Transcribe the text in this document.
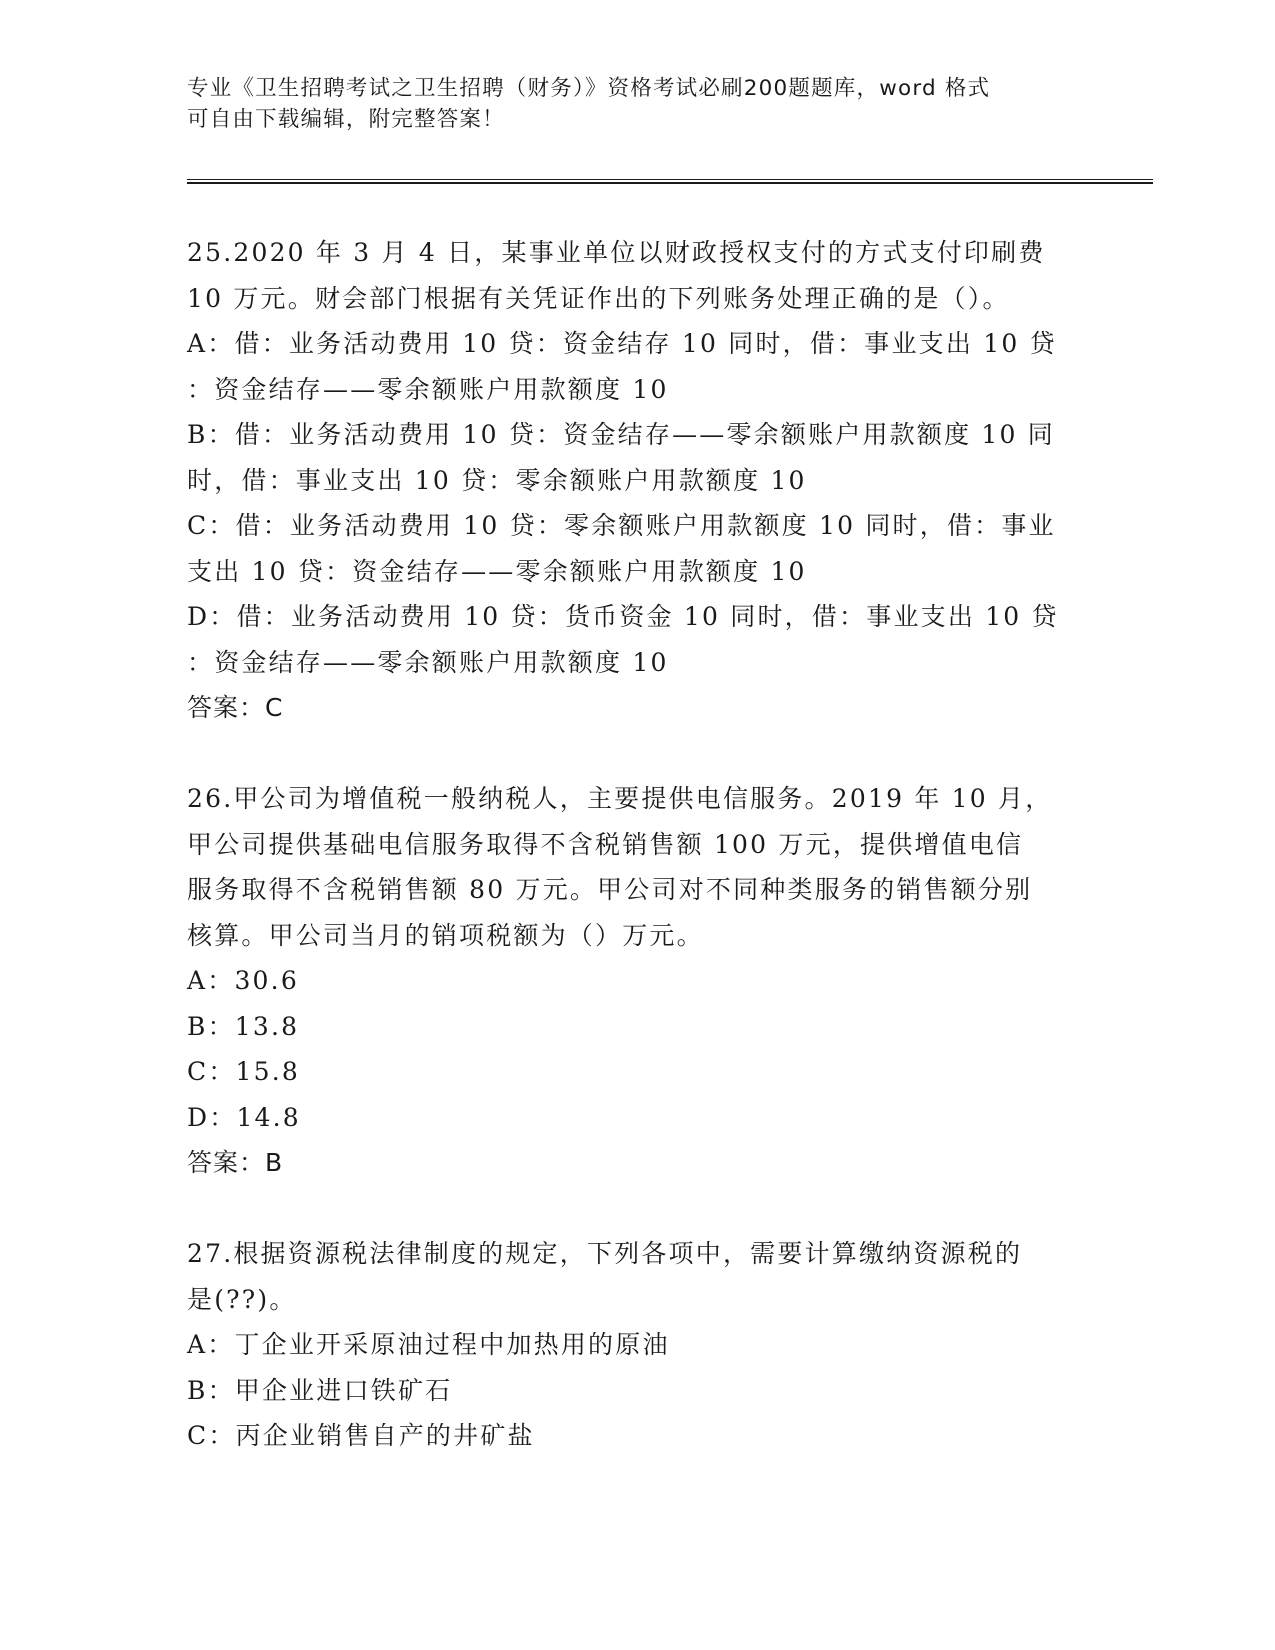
专业《卫生招聘考试之卫生招聘（财务）》资格考试必刷200题题库，word 格式
可自由下载编辑，附完整答案！
25.2020 年 3 月 4 日，某事业单位以财政授权支付的方式支付印刷费
10 万元。财会部门根据有关凭证作出的下列账务处理正确的是（）。
A：借：业务活动费用 10 贷：资金结存 10 同时，借：事业支出 10 贷
：资金结存——零余额账户用款额度 10
B：借：业务活动费用 10 贷：资金结存——零余额账户用款额度 10 同
时，借：事业支出 10 贷：零余额账户用款额度 10
C：借：业务活动费用 10 贷：零余额账户用款额度 10 同时，借：事业
支出 10 贷：资金结存——零余额账户用款额度 10
D：借：业务活动费用 10 贷：货币资金 10 同时，借：事业支出 10 贷
：资金结存——零余额账户用款额度 10
答案：C
26.甲公司为增值税一般纳税人，主要提供电信服务。2019 年 10 月，
甲公司提供基础电信服务取得不含税销售额 100 万元，提供增值电信
服务取得不含税销售额 80 万元。甲公司对不同种类服务的销售额分别
核算。甲公司当月的销项税额为（）万元。
A：30.6
B：13.8
C：15.8
D：14.8
答案：B
27.根据资源税法律制度的规定，下列各项中，需要计算缴纳资源税的
是(??)。
A：丁企业开采原油过程中加热用的原油
B：甲企业进口铁矿石
C：丙企业销售自产的井矿盐
